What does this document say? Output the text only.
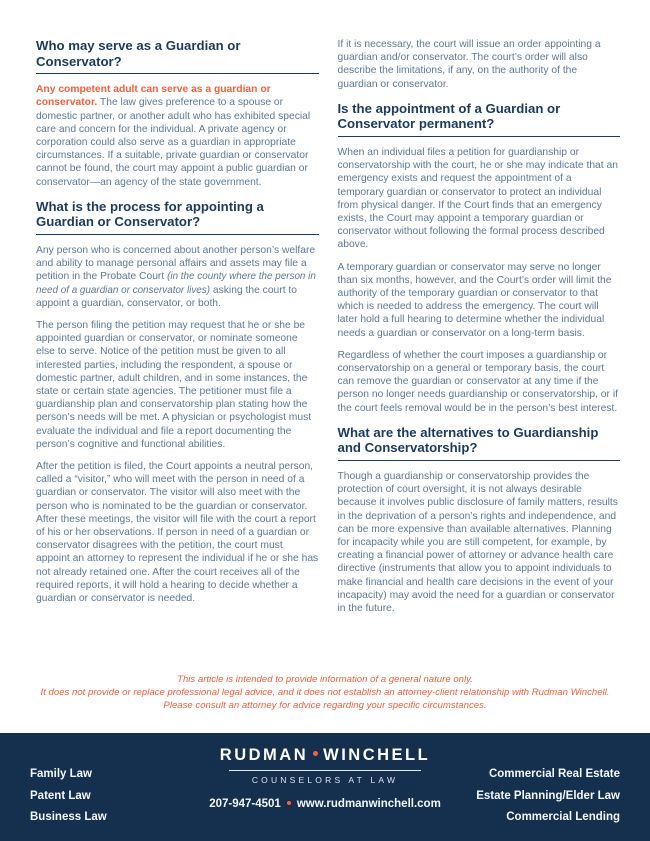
Who may serve as a Guardian or Conservator?

Any competent adult can serve as a guardian or conservator. The law gives preference to a spouse or domestic partner, or another adult who has exhibited special care and concern for the individual. A private agency or corporation could also serve as a guardian in appropriate circumstances. If a suitable, private guardian or conservator cannot be found, the court may appoint a public guardian or conservator—an agency of the state government.

What is the process for appointing a Guardian or Conservator?

Any person who is concerned about another person’s welfare and ability to manage personal affairs and assets may file a petition in the Probate Court (in the county where the person in need of a guardian or conservator lives) asking the court to appoint a guardian, conservator, or both.

The person filing the petition may request that he or she be appointed guardian or conservator, or nominate someone else to serve. Notice of the petition must be given to all interested parties, including the respondent, a spouse or domestic partner, adult children, and in some instances, the state or certain state agencies. The petitioner must file a guardianship plan and conservatorship plan stating how the person’s needs will be met. A physician or psychologist must evaluate the individual and file a report documenting the person’s cognitive and functional abilities.

After the petition is filed, the Court appoints a neutral person, called a “visitor,” who will meet with the person in need of a guardian or conservator. The visitor will also meet with the person who is nominated to be the guardian or conservator. After these meetings, the visitor will file with the court a report of his or her observations. If person in need of a guardian or conservator disagrees with the petition, the court must appoint an attorney to represent the individual if he or she has not already retained one. After the court receives all of the required reports, it will hold a hearing to decide whether a guardian or conservator is needed.

If it is necessary, the court will issue an order appointing a guardian and/or conservator. The court’s order will also describe the limitations, if any, on the authority of the guardian or conservator.

Is the appointment of a Guardian or Conservator permanent?

When an individual files a petition for guardianship or conservatorship with the court, he or she may indicate that an emergency exists and request the appointment of a temporary guardian or conservator to protect an individual from physical danger. If the Court finds that an emergency exists, the Court may appoint a temporary guardian or conservator without following the formal process described above.

A temporary guardian or conservator may serve no longer than six months, however, and the Court’s order will limit the authority of the temporary guardian or conservator to that which is needed to address the emergency. The court will later hold a full hearing to determine whether the individual needs a guardian or conservator on a long-term basis.

Regardless of whether the court imposes a guardianship or conservatorship on a general or temporary basis, the court can remove the guardian or conservator at any time if the person no longer needs guardianship or conservatorship, or if the court feels removal would be in the person’s best interest.

What are the alternatives to Guardianship and Conservatorship?

Though a guardianship or conservatorship provides the protection of court oversight, it is not always desirable because it involves public disclosure of family matters, results in the deprivation of a person’s rights and independence, and can be more expensive than available alternatives. Planning for incapacity while you are still competent, for example, by creating a financial power of attorney or advance health care directive (instruments that allow you to appoint individuals to make financial and health care decisions in the event of your incapacity) may avoid the need for a guardian or conservator in the future.

This article is intended to provide information of a general nature only.
It does not provide or replace professional legal advice, and it does not establish an attorney-client relationship with Rudman Winchell.
Please consult an attorney for advice regarding your specific circumstances.
Family Law
Patent Law
Business Law
RUDMAN WINCHELL
COUNSELORS AT LAW
207-947-4501 www.rudmanwinchell.com
Commercial Real Estate
Estate Planning/Elder Law
Commercial Lending
